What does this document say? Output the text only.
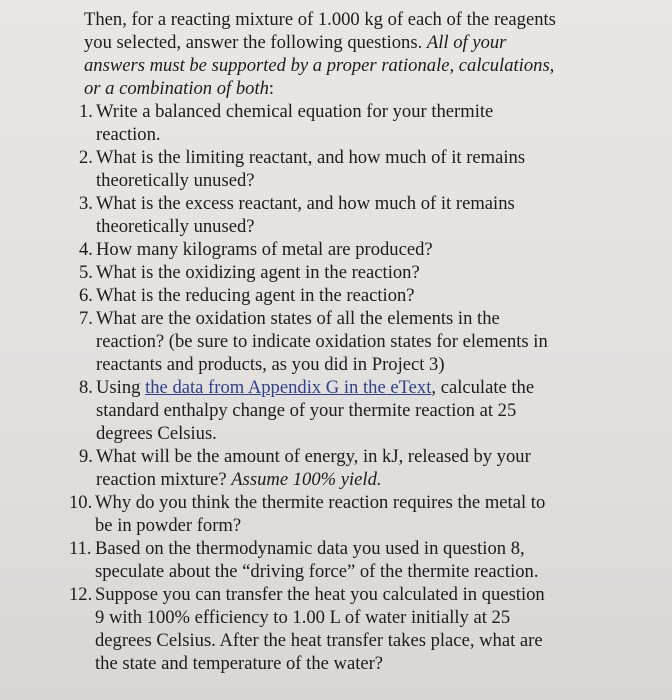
Then, for a reacting mixture of 1.000 kg of each of the reagents
you selected, answer the following questions. All of your
answers must be supported by a proper rationale, calculations,
or a combination of both:

1. Write a balanced chemical equation for your thermite
reaction.
2. What is the limiting reactant, and how much of it remains
theoretically unused?
3. What is the excess reactant, and how much of it remains
theoretically unused?
4. How many kilograms of metal are produced?
5. What is the oxidizing agent in the reaction?
6. What is the reducing agent in the reaction?
7. What are the oxidation states of all the elements in the
reaction? (be sure to indicate oxidation states for elements in
reactants and products, as you did in Project 3)
8. Using the data from Appendix G in the eText, calculate the
standard enthalpy change of your thermite reaction at 25
degrees Celsius.
9. What will be the amount of energy, in kJ, released by your
reaction mixture? Assume 100% yield.
10. Why do you think the thermite reaction requires the metal to
be in powder form?
11. Based on the thermodynamic data you used in question 8,
speculate about the “driving force” of the thermite reaction.
12. Suppose you can transfer the heat you calculated in question
9 with 100% efficiency to 1.00 L of water initially at 25
degrees Celsius. After the heat transfer takes place, what are
the state and temperature of the water?
